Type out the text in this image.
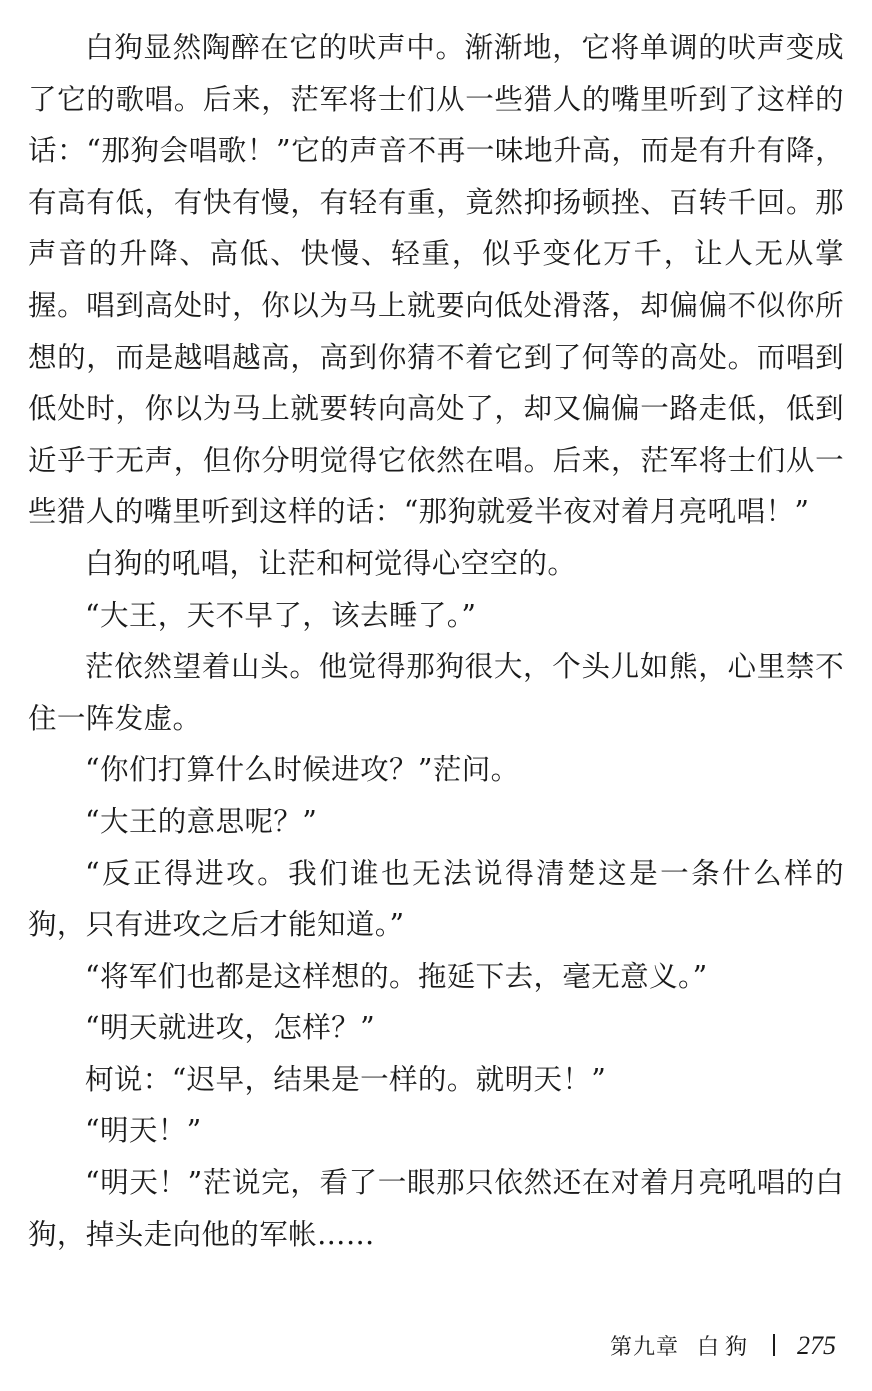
白狗显然陶醉在它的吠声中。渐渐地，它将单调的吠声变成了它的歌唱。后来，茫军将士们从一些猎人的嘴里听到了这样的话：“那狗会唱歌！”它的声音不再一味地升高，而是有升有降，有高有低，有快有慢，有轻有重，竟然抑扬顿挫、百转千回。那声音的升降、高低、快慢、轻重，似乎变化万千，让人无从掌握。唱到高处时，你以为马上就要向低处滑落，却偏偏不似你所想的，而是越唱越高，高到你猜不着它到了何等的高处。而唱到低处时，你以为马上就要转向高处了，却又偏偏一路走低，低到近乎于无声，但你分明觉得它依然在唱。后来，茫军将士们从一些猎人的嘴里听到这样的话：“那狗就爱半夜对着月亮吼唱！”

白狗的吼唱，让茫和柯觉得心空空的。

“大王，天不早了，该去睡了。”

茫依然望着山头。他觉得那狗很大，个头儿如熊，心里禁不住一阵发虚。

“你们打算什么时候进攻？”茫问。

“大王的意思呢？”

“反正得进攻。我们谁也无法说得清楚这是一条什么样的狗，只有进攻之后才能知道。”

“将军们也都是这样想的。拖延下去，毫无意义。”

“明天就进攻，怎样？”

柯说：“迟早，结果是一样的。就明天！”

“明天！”

“明天！”茫说完，看了一眼那只依然还在对着月亮吼唱的白狗，掉头走向他的军帐……

第九章 白狗 275
